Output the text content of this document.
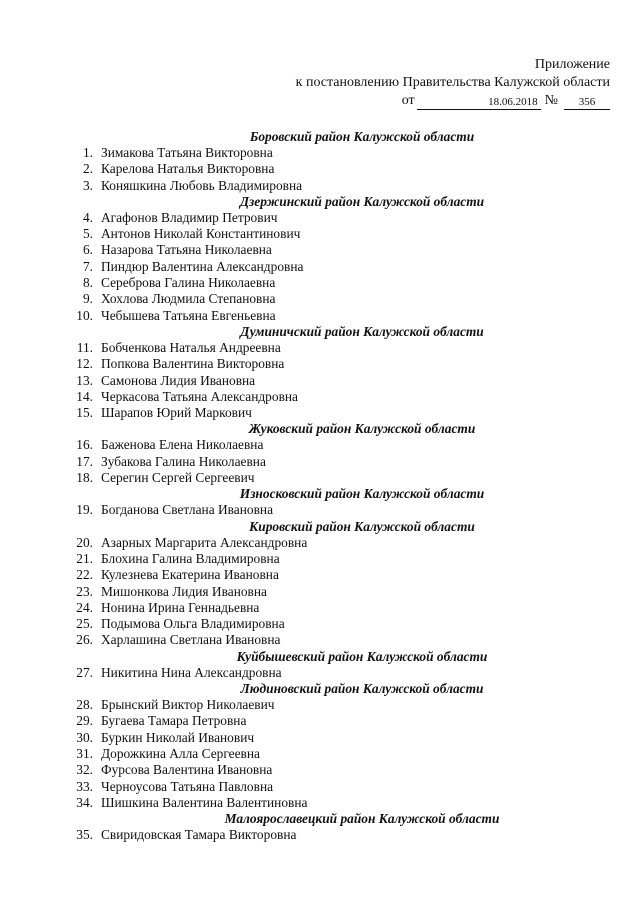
Приложение
к постановлению Правительства Калужской области
от	18.06.2018 №	356
Боровский район Калужской области
1. Зимакова Татьяна Викторовна
2. Карелова Наталья Викторовна
3. Коняшкина Любовь Владимировна
Дзержинский район Калужской области
4. Агафонов Владимир Петрович
5. Антонов Николай Константинович
6. Назарова Татьяна Николаевна
7. Пиндюр Валентина Александровна
8. Сереброва Галина Николаевна
9. Хохлова Людмила Степановна
10. Чебышева Татьяна Евгеньевна
Думиничский район Калужской области
11. Бобченкова Наталья Андреевна
12. Попкова Валентина Викторовна
13. Самонова Лидия Ивановна
14. Черкасова Татьяна Александровна
15. Шарапов Юрий Маркович
Жуковский район Калужской области
16. Баженова Елена Николаевна
17. Зубакова Галина Николаевна
18. Серегин Сергей Сергеевич
Износковский район Калужской области
19. Богданова Светлана Ивановна
Кировский район Калужской области
20. Азарных Маргарита Александровна
21. Блохина Галина Владимировна
22. Кулезнева Екатерина Ивановна
23. Мишонкова Лидия Ивановна
24. Нонина Ирина Геннадьевна
25. Подымова Ольга Владимировна
26. Харлашина Светлана Ивановна
Куйбышевский район Калужской области
27. Никитина Нина Александровна
Людиновский район Калужской области
28. Брынский Виктор Николаевич
29. Бугаева Тамара Петровна
30. Буркин Николай Иванович
31. Дорожкина Алла Сергеевна
32. Фурсова Валентина Ивановна
33. Черноусова Татьяна Павловна
34. Шишкина Валентина Валентиновна
Малоярославецкий район Калужской области
35. Свиридовская Тамара Викторовна
